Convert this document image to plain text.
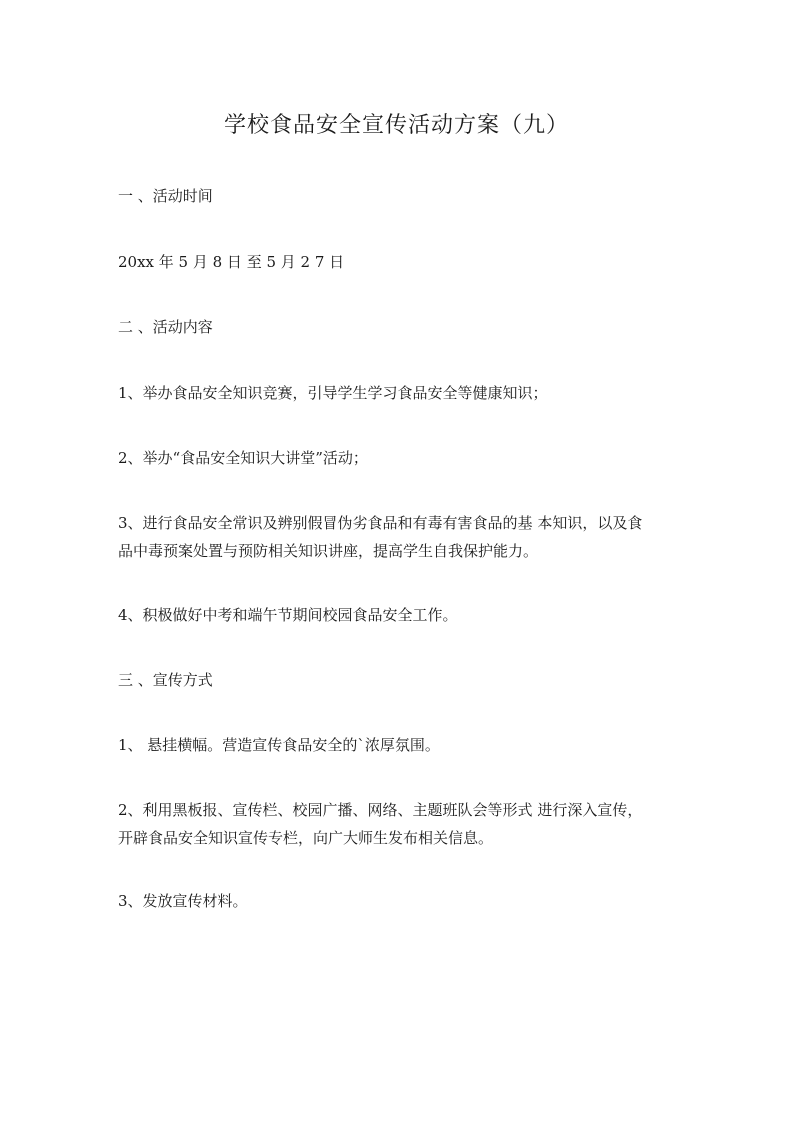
学校食品安全宣传活动方案（九）
一 、活动时间
20xx 年 5 月 8 日 至 5 月 2 7 日
二 、活动内容
1、举办食品安全知识竞赛，引导学生学习食品安全等健康知识；
2、举办“食品安全知识大讲堂”活动；
3、进行食品安全常识及辨别假冒伪劣食品和有毒有害食品的基 本知识，以及食
品中毒预案处置与预防相关知识讲座，提高学生自我保护能力。
4、积极做好中考和端午节期间校园食品安全工作。
三 、宣传方式
1、 悬挂横幅。营造宣传食品安全的`浓厚氛围。
2、利用黑板报、宣传栏、校园广播、网络、主题班队会等形式 进行深入宣传，
开辟食品安全知识宣传专栏，向广大师生发布相关信息。
3、发放宣传材料。
